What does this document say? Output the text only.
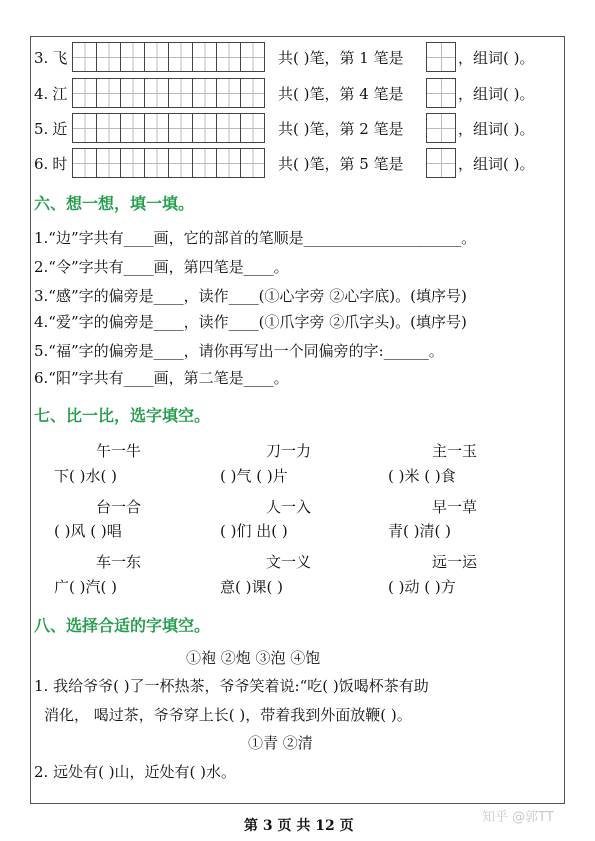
3. 飞	共( )笔，第 1 笔是	，组词( )。
4. 江	共( )笔，第 4 笔是	，组词( )。
5. 近	共( )笔，第 2 笔是	，组词( )。
6. 时	共( )笔，第 5 笔是	，组词( )。
六、想一想，填一填。
1.“边”字共有____画，它的部首的笔顺是_____________________。
2.“令”字共有____画，第四笔是____。
3.“感”字的偏旁是____，读作____(①心字旁 ②心字底)。(填序号)
4.“爱”字的偏旁是____，读作____(①爪字旁 ②爪字头)。(填序号)
5.“福”字的偏旁是____，请你再写出一个同偏旁的字:______。
6.“阳”字共有____画，第二笔是____。
七、比一比，选字填空。
午一牛	刀一力	主一玉
下( )水( )	( )气 ( )片	( )米 ( )食
台一合	人一入	早一草
( )风 ( )唱	( )们 出( )	青( )清( )
车一东	文一义	远一运
广( )汽( )	意( )课( )	( )动 ( )方
八、选择合适的字填空。
①袍 ②炮 ③泡 ④饱
1. 我给爷爷( )了一杯热茶，爷爷笑着说:“吃( )饭喝杯茶有助
消化， 喝过茶，爷爷穿上长( )，带着我到外面放鞭( )。
①青 ②清
2. 远处有( )山，近处有( )水。
第 3 页 共 12 页
知乎 @郭TT
